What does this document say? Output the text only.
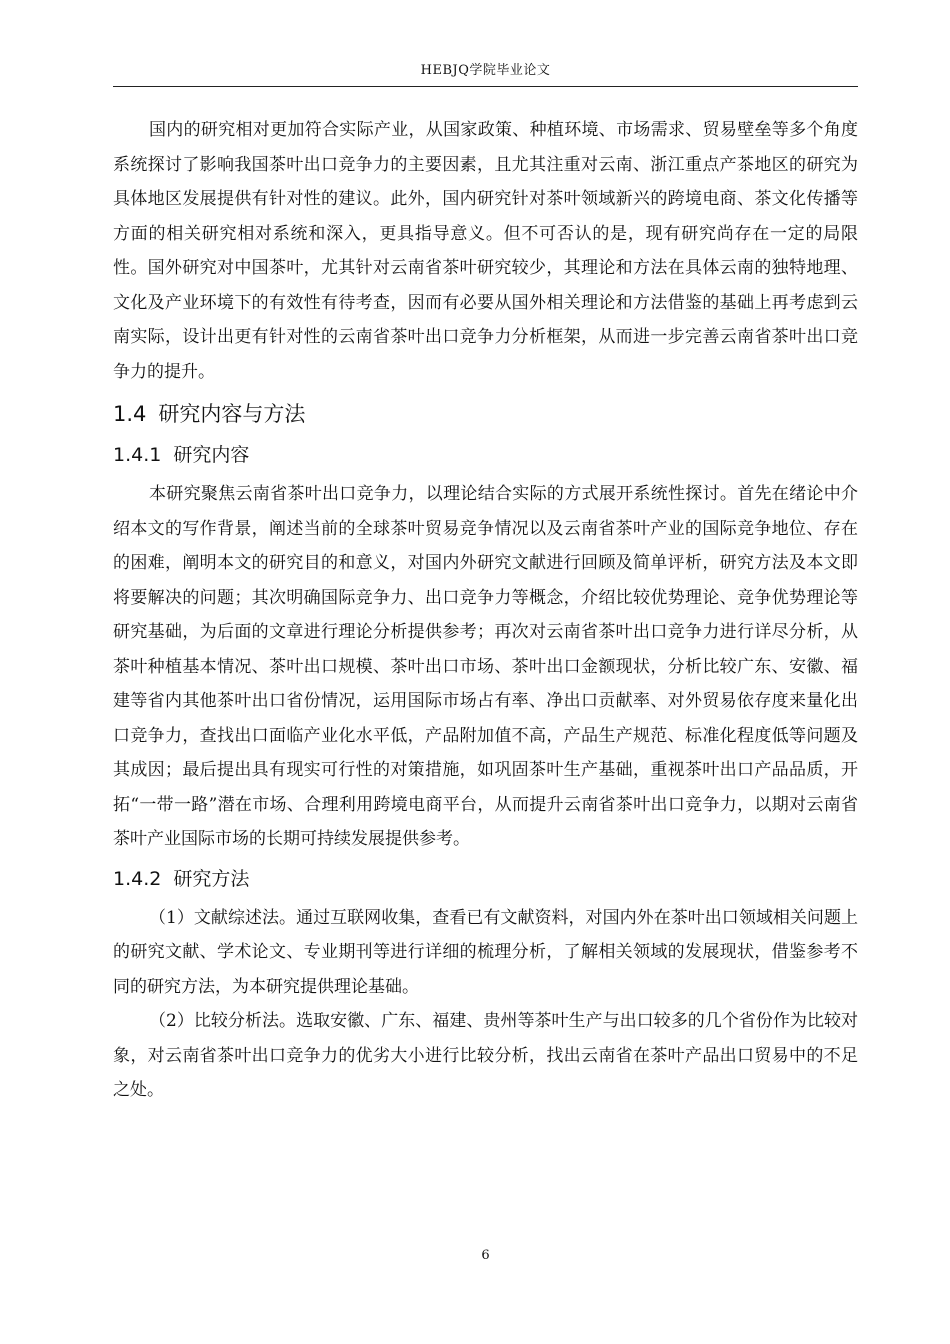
HEBJQ学院毕业论文

国内的研究相对更加符合实际产业，从国家政策、种植环境、市场需求、贸易壁垒等多个角度系统探讨了影响我国茶叶出口竞争力的主要因素，且尤其注重对云南、浙江重点产茶地区的研究为具体地区发展提供有针对性的建议。此外，国内研究针对茶叶领域新兴的跨境电商、茶文化传播等方面的相关研究相对系统和深入，更具指导意义。但不可否认的是，现有研究尚存在一定的局限性。国外研究对中国茶叶，尤其针对云南省茶叶研究较少，其理论和方法在具体云南的独特地理、文化及产业环境下的有效性有待考查，因而有必要从国外相关理论和方法借鉴的基础上再考虑到云南实际，设计出更有针对性的云南省茶叶出口竞争力分析框架，从而进一步完善云南省茶叶出口竞争力的提升。

1.4 研究内容与方法
1.4.1 研究内容

本研究聚焦云南省茶叶出口竞争力，以理论结合实际的方式展开系统性探讨。首先在绪论中介绍本文的写作背景，阐述当前的全球茶叶贸易竞争情况以及云南省茶叶产业的国际竞争地位、存在的困难，阐明本文的研究目的和意义，对国内外研究文献进行回顾及简单评析，研究方法及本文即将要解决的问题；其次明确国际竞争力、出口竞争力等概念，介绍比较优势理论、竞争优势理论等研究基础，为后面的文章进行理论分析提供参考；再次对云南省茶叶出口竞争力进行详尽分析，从茶叶种植基本情况、茶叶出口规模、茶叶出口市场、茶叶出口金额现状，分析比较广东、安徽、福建等省内其他茶叶出口省份情况，运用国际市场占有率、净出口贡献率、对外贸易依存度来量化出口竞争力，查找出口面临产业化水平低，产品附加值不高，产品生产规范、标准化程度低等问题及其成因；最后提出具有现实可行性的对策措施，如巩固茶叶生产基础，重视茶叶出口产品品质，开拓“一带一路”潜在市场、合理利用跨境电商平台，从而提升云南省茶叶出口竞争力，以期对云南省茶叶产业国际市场的长期可持续发展提供参考。

1.4.2 研究方法

（1）文献综述法。通过互联网收集，查看已有文献资料，对国内外在茶叶出口领域相关问题上的研究文献、学术论文、专业期刊等进行详细的梳理分析，了解相关领域的发展现状，借鉴参考不同的研究方法，为本研究提供理论基础。

（2）比较分析法。选取安徽、广东、福建、贵州等茶叶生产与出口较多的几个省份作为比较对象，对云南省茶叶出口竞争力的优劣大小进行比较分析，找出云南省在茶叶产品出口贸易中的不足之处。

6
